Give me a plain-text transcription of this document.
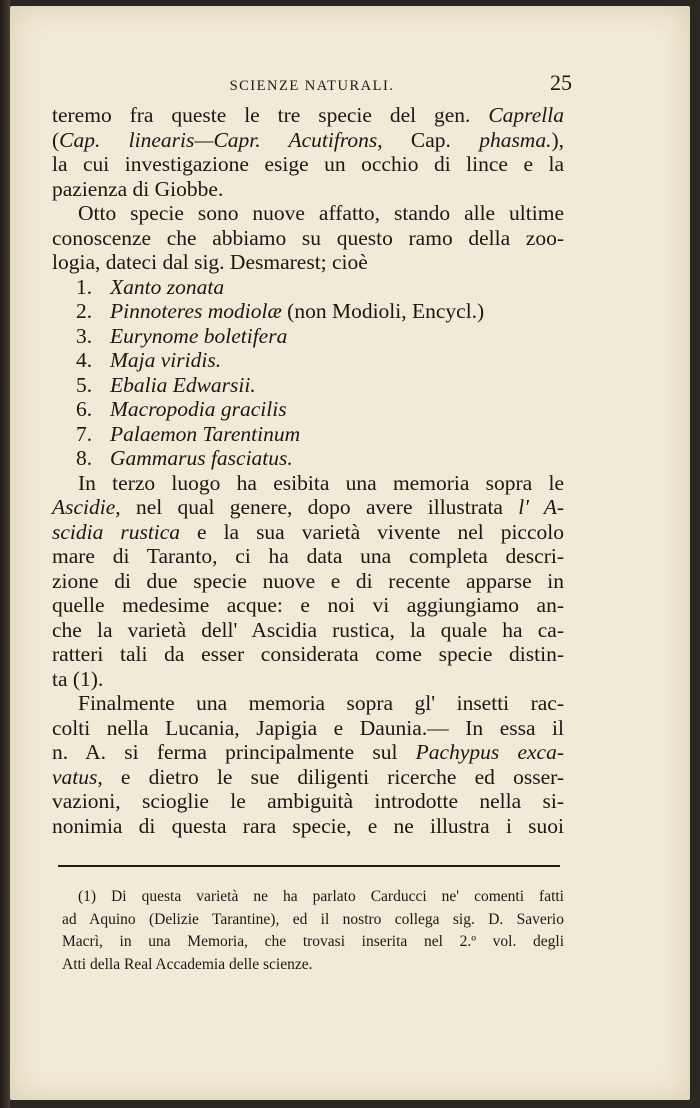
SCIENZE NATURALI.	25
teremo fra queste le tre specie del gen. Caprella
(Cap. linearis—Capr. Acutifrons, Cap. phasma.),
la cui investigazione esige un occhio di lince e la
pazienza di Giobbe.
Otto specie sono nuove affatto, stando alle ultime
conoscenze che abbiamo su questo ramo della zoo-
logia, dateci dal sig. Desmarest; cioè
1. Xanto zonata
2. Pinnoteres modiolæ (non Modioli, Encycl.)
3. Eurynome boletifera
4. Maja viridis.
5. Ebalia Edwarsii.
6. Macropodia gracilis
7. Palaemon Tarentinum
8. Gammarus fasciatus.
In terzo luogo ha esibita una memoria sopra le
Ascidie, nel qual genere, dopo avere illustrata l' A-
scidia rustica e la sua varietà vivente nel piccolo
mare di Taranto, ci ha data una completa descri-
zione di due specie nuove e di recente apparse in
quelle medesime acque: e noi vi aggiungiamo an-
che la varietà dell' Ascidia rustica, la quale ha ca-
ratteri tali da esser considerata come specie distin-
ta (1).
Finalmente una memoria sopra gl' insetti rac-
colti nella Lucania, Japigia e Daunia.— In essa il
n. A. si ferma principalmente sul Pachypus exca-
vatus, e dietro le sue diligenti ricerche ed osser-
vazioni, scioglie le ambiguità introdotte nella si-
nonimia di questa rara specie, e ne illustra i suoi
(1) Di questa varietà ne ha parlato Carducci ne' comenti fatti
ad Aquino (Delizie Tarantine), ed il nostro collega sig. D. Saverio
Macrì, in una Memoria, che trovasi inserita nel 2.º vol. degli
Atti della Real Accademia delle scienze.
